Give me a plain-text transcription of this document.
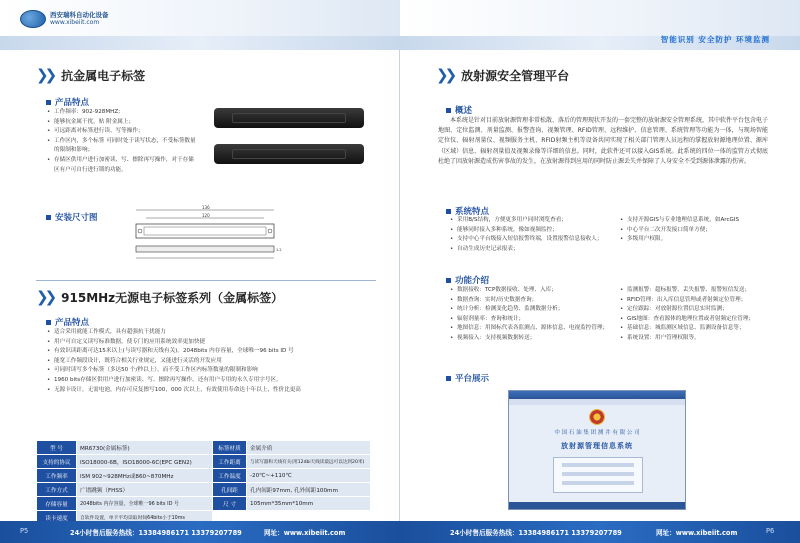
西安瑞科自动化设备
www.xibeiit.com
❯❯ 抗金属电子标签
产品特点
• 工作频率：902-928MHZ;
• 能够抗金属干扰，贴 附金属上；
• 可远距离对标签进行读、写等操作；
• 工作区内，多个标签 可同时处于读写状态，不受标签数量的限制和影响；
• 存储区供用户进行加密读、写、擦除再写操作，对于存储区有户可自行进行锁的功能。
安装尺寸图
136
120
1.2
❯❯ 915MHz无源电子标签系列（金属标签）
产品特点
• 适合采用就能工作模式，具有超强抗干扰能力
• 用户可自定义读写标准数据，使专门的应用系统效率更加快捷
• 有效识读距离可达15米以上(与读写器和天线有关)。2048bits 内存容量，全球唯一96 bits ID 号
• 能宽工作频段设计，既符合相关行业规定，又能进行灵活的开发应用
• 可同时读写多个标签（多达50 个/秒以上），而不受工作区内标签数量的限制和影响
• 1960 bits存储区供用户进行加密读、写、擦除再写操作，还有用户专用的永久专用字号区。
• 无源卡设计，无需电池，内存可反复擦写100，000 次以上，有效使用寿命达十年以上，性价比更高
型 号	MR6730(金属标签)	标签材质	金属介质
支持的协议	ISO18000-6B，ISO18000-6C(EPC GEN2)	工作距离	与读写器和天线有关(用12dbi天线读最远可以达到20米)
工作频率	ISM 902~928MHz或860~870MHz	工作温度	-20℃~+110℃
工作方式	广谱跳频（FHSS）	孔间距	孔内间距97mm, 孔外间距100mm
存储容量	2048bits 内存容量，全球唯一96 bits ID 号	尺 寸	105mm*35mm*10mm
读卡速度	自软件设置，单卡平均读取时间64bits小于10ms		
P5	24小时售后服务热线：13384986171 13379207789	网址：www.xibeiit.com
智能识别 安全防护 环境监测
❯❯ 放射源安全管理平台
概述

本系统是针对目前放射源管理非常松散、落后的管理现状开发的一套完整的放射源安全管理系统，其中软件平台包含电子地图、定位监测、剂量监测、报警查询、视频管理、RFID管理、远程维护、信息管理、系统管理等功能为一体，与现场智能定位仪、辐射剂量仪、视频服务主机、RFID射频主机等设备共同实现了相关部门管理人员远程的掌握放射源地理位置、源库（区域）信息、辐射剂量值及视频录像等详细的信息。同时，此软件还可以接入GIS系统。此系统的四位一体的监管方式彻底杜绝了因放射源造成伤害事故的发生，在放射源得到应用的同时防止源丢失并保障了人身安全不受到源体泄露的伤害。

系统特点
• 采用B/S结构，方便更多用户同时浏览查看；
• 能够同时接入多种系统，像如视频监控；
• 支持中心平台级接入短信报警终端，设置报警信息接收人；
• 自动生成历史记录报表；
• 支持开源GIS与专业地理信息系统，如ArcGIS
• 中心平台二次开发接口简单方便；
• 多级用户权限。
功能介绍
• 数据接收：TCP数据接收、处理、入库；
• 数据查询：实时/历史数据查询；
• 统计分析：检测变化趋势、监测数据分析；
• 辐射剂量率：查询和统计；
• 地图信息：用图标代表各监测点、源体信息、电视监控管理；
• 视频接入：支持视频数据转送；
• 监测报警：超标报警、丢失报警、报警短信发送；
• RFID管理：出入库信息管理或者射频定位管理；
• 定位跟踪：对放射源位置信息实时监测；
• GIS地图：查看源体的地理位置或者射频定位管理；
• 基础信息：城监测区域信息、监测设备信息等；
• 系统设置：用户管理权限等。
平台展示
24小时售后服务热线：13384986171 13379207789	网址：www.xibeiit.com	P6
中 国 石 油 集 团 测 井 有 限 公 司
放射源管理信息系统
